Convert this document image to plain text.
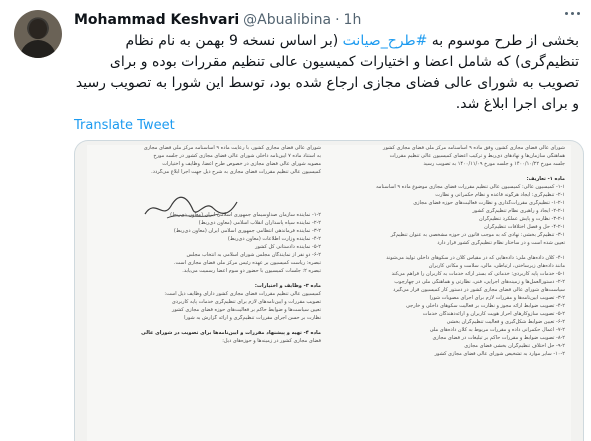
Mohammad Keshvari @Abualibina · 1h
بخشی از طرح موسوم به #طرح_صیانت (بر اساس نسخه 9 بهمن به نام نظام تنظیم‌گری) که شامل اعضا و اختیارات کمیسیون عالی تنظیم مقررات بوده و برای تصویب به شورای عالی فضای مجازی ارجاع شده بود، توسط این شورا به تصویب رسید و برای اجرا ابلاغ شد.
Translate Tweet
شورای عالی فضای مجازی کشور، با رعایت ماده ۹ اساسنامه مرکز ملی فضای مجازی
به استناد ماده ۷ آیین‌نامه داخلی شورای عالی فضای مجازی کشور در جلسه مورخ
مصوبه شورای عالی فضای مجازی در خصوص طرح اعضا، وظایف و اختیارات
کمیسیون عالی تنظیم مقررات فضای مجازی به شرح ذیل جهت اجرا ابلاغ می‌گردد.
۱-۲- نماینده سازمان صداوسیمای جمهوری اسلامی ایران (معاون ذی‌ربط)
۲-۲- نماینده سپاه پاسداران انقلاب اسلامی (معاون ذی‌ربط)
۳-۲- نماینده فرماندهی انتظامی جمهوری اسلامی ایران (معاون ذی‌ربط)
۴-۲- نماینده وزارت اطلاعات (معاون ذی‌ربط)
۵-۲- نماینده دادستانی کل کشور
۶-۲- دو نفر از نمایندگان مجلس شورای اسلامی به انتخاب مجلس
تبصره: ریاست کمیسیون بر عهده رئیس مرکز ملی فضای مجازی است.
تبصره ۲: جلسات کمیسیون با حضور دو سوم اعضا رسمیت می‌یابد.
ماده ۳- وظایف و اختیارات:
کمیسیون عالی تنظیم مقررات فضای مجازی کشور دارای وظایف ذیل است:
تصویب مقررات و آیین‌نامه‌های لازم برای تنظیم‌گری خدمات پایه کاربردی
تعیین سیاست‌ها و ضوابط حاکم بر فعالیت‌های حوزه فضای مجازی کشور
نظارت بر حسن اجرای مقررات تنظیم‌گری و ارائه گزارش به شورا
ماده ۴- تهیه و پیشنهاد مقررات و آیین‌نامه‌ها برای تصویب در شورای عالی
فضای مجازی کشور در زمینه‌ها و حوزه‌های ذیل:
شورای عالی فضای مجازی کشور، وفق ماده ۹ اساسنامه مرکز ملی فضای مجازی کشور
هماهنگی سازمان‌ها و نهادهای ذی‌ربط و ترکیب اعضای کمیسیون عالی تنظیم مقررات
جلسه مورخ ۱۴۰۰/۱۰/۲۲ و جلسه مورخ ۱۴۰۰/۱۱/۰۹ به تصویب رسید
ماده ۱- تعاریف:
۱-۱- کمیسیون عالی: کمیسیون عالی تنظیم مقررات فضای مجازی موضوع ماده ۹ اساسنامه
۲-۱- تنظیم‌گری: ایجاد هرگونه قاعده و نظام حکمرانی و نظارت
۱-۲-۱- تنظیم‌گری مقررات‌گذاری و نظارت فعالیت‌های حوزه فضای مجازی
۲-۲-۱- ایجاد و راهبری نظام تنظیم‌گری کشور
۳-۲-۱- نظارت و پایش عملکرد تنظیم‌گران
۴-۲-۱- حل و فصل اختلافات تنظیم‌گران
۳-۱- تنظیم‌گر بخشی: نهادی که به موجب قانون در حوزه مشخصی به عنوان تنظیم‌گر
تعیین شده است و در ساختار نظام تنظیم‌گری کشور قرار دارد
۴-۱- کلان داده‌های ملی: داده‌هایی که در مقیاس کلان در سکوهای داخلی تولید می‌شوند
مانند داده‌های زیرساختی، ارتباطی، مالی، سلامت و مکانی کاربران
۵-۱- خدمات پایه کاربردی: خدماتی که بستر ارائه خدمات به کاربران را فراهم می‌کند
۲-۲- دستورالعمل‌ها و زمینه‌های اجرایی، فنی، نظارتی و هماهنگی ملی در چهارچوب
سیاست‌های شورای عالی فضای مجازی کشور در دستور کار کمیسیون قرار می‌گیرد
۳-۲- تصویب آیین‌نامه‌ها و مقررات لازم برای اجرای مصوبات شورا
۴-۲- تصویب ضوابط ارائه مجوز و نظارت بر فعالیت سکوهای داخلی و خارجی
۵-۲- تصویب سازوکارهای احراز هویت کاربران و ارائه‌دهندگان خدمات
۶-۲- تعیین ضوابط شکل‌گیری و فعالیت تنظیم‌گران بخشی
۷-۲- اعمال حکمرانی داده و مقررات مربوط به کلان داده‌های ملی
۸-۲- تصویب ضوابط و مقررات حاکم بر تبلیغات در فضای مجازی
۹-۲- حل اختلاف تنظیم‌گران بخشی فضای مجازی
۱۰-۲- سایر موارد به تشخیص شورای عالی فضای مجازی کشور
